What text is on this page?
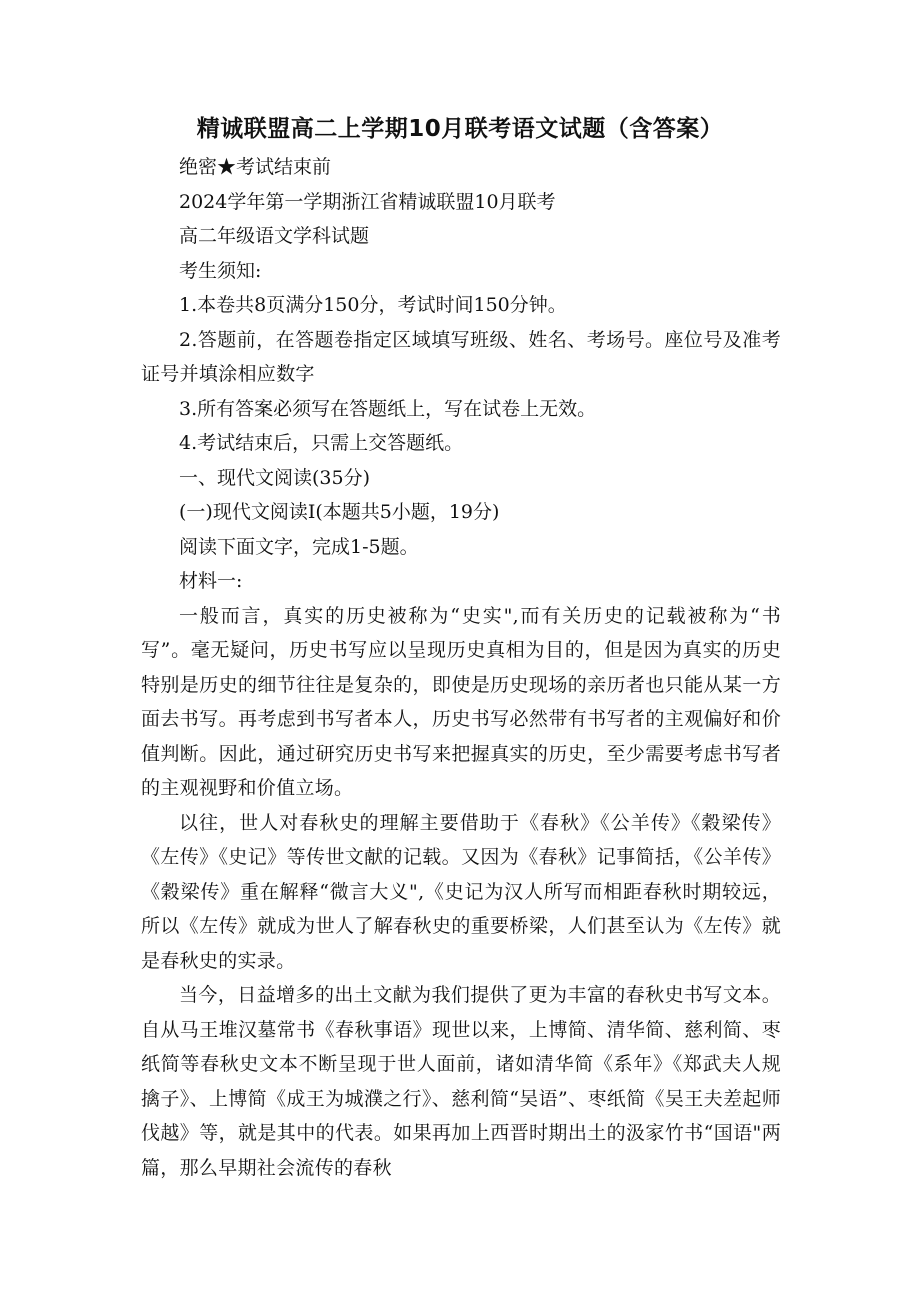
精诚联盟高二上学期10月联考语文试题（含答案）
绝密★考试结束前
2024学年第一学期浙江省精诚联盟10月联考
高二年级语文学科试题
考生须知:
1.本卷共8页满分150分，考试时间150分钟。
2.答题前，在答题卷指定区域填写班级、姓名、考场号。座位号及准考证号并填涂相应数字
3.所有答案必须写在答题纸上，写在试卷上无效。
4.考试结束后，只需上交答题纸。
一、现代文阅读(35分)
(一)现代文阅读Ⅰ(本题共5小题，19分)
阅读下面文字，完成1-5题。
材料一:
一般而言，真实的历史被称为“史实",而有关历史的记载被称为“书写”。毫无疑问，历史书写应以呈现历史真相为目的，但是因为真实的历史特别是历史的细节往往是复杂的，即使是历史现场的亲历者也只能从某一方面去书写。再考虑到书写者本人，历史书写必然带有书写者的主观偏好和价值判断。因此，通过研究历史书写来把握真实的历史，至少需要考虑书写者的主观视野和价值立场。
以往，世人对春秋史的理解主要借助于《春秋》《公羊传》《穀梁传》《左传》《史记》等传世文献的记载。又因为《春秋》记事简括，《公羊传》《穀梁传》重在解释“微言大义",《史记为汉人所写而相距春秋时期较远，所以《左传》就成为世人了解春秋史的重要桥梁，人们甚至认为《左传》就是春秋史的实录。
当今，日益增多的出土文献为我们提供了更为丰富的春秋史书写文本。自从马王堆汉墓常书《春秋事语》现世以来，上博简、清华简、慈利简、枣纸简等春秋史文本不断呈现于世人面前，诸如清华简《系年》《郑武夫人规擒子》、上博简《成王为城濮之行》、慈利简“吴语”、枣纸简《吴王夫差起师伐越》等，就是其中的代表。如果再加上西晋时期出土的汲家竹书“国语"两篇，那么早期社会流传的春秋
